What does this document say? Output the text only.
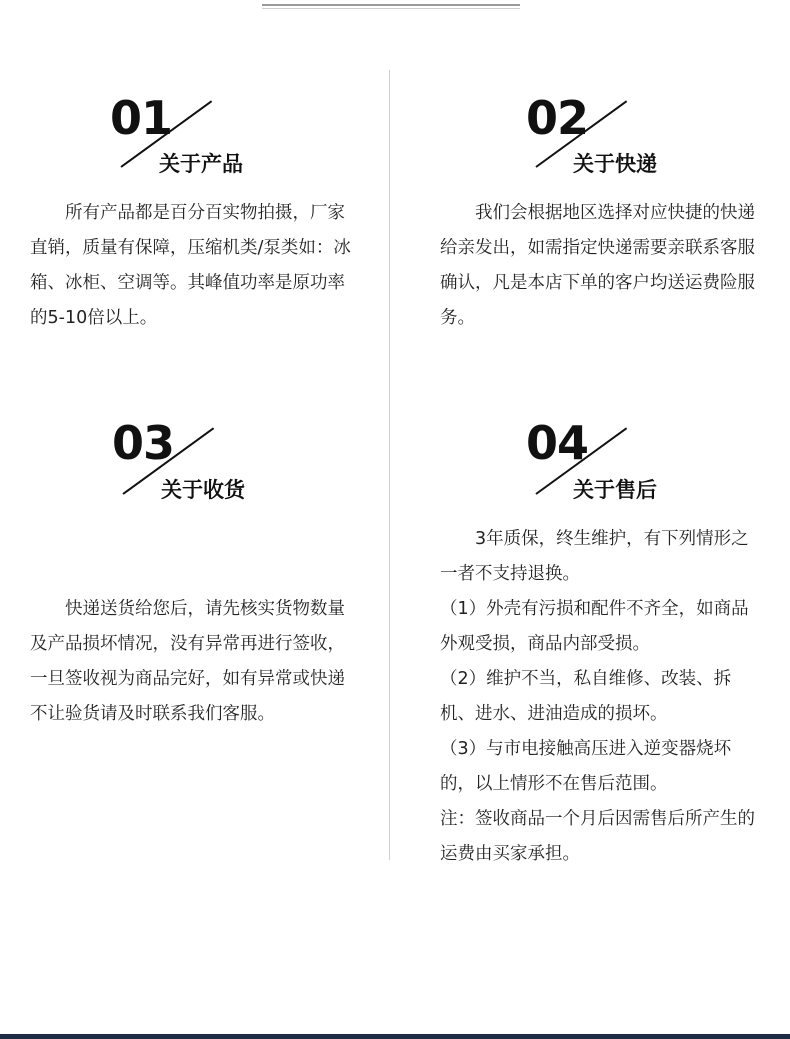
01
关于产品

所有产品都是百分百实物拍摄，厂家直销，质量有保障，压缩机类/泵类如：冰箱、冰柜、空调等。其峰值功率是原功率的5-10倍以上。

02
关于快递

我们会根据地区选择对应快捷的快递给亲发出，如需指定快递需要亲联系客服确认，凡是本店下单的客户均送运费险服务。

03
关于收货

快递送货给您后，请先核实货物数量及产品损坏情况，没有异常再进行签收，一旦签收视为商品完好，如有异常或快递不让验货请及时联系我们客服。

04
关于售后

3年质保，终生维护，有下列情形之一者不支持退换。

（1）外壳有污损和配件不齐全，如商品外观受损，商品内部受损。

（2）维护不当，私自维修、改装、拆机、进水、进油造成的损坏。

（3）与市电接触高压进入逆变器烧坏的，以上情形不在售后范围。

注：签收商品一个月后因需售后所产生的运费由买家承担。
